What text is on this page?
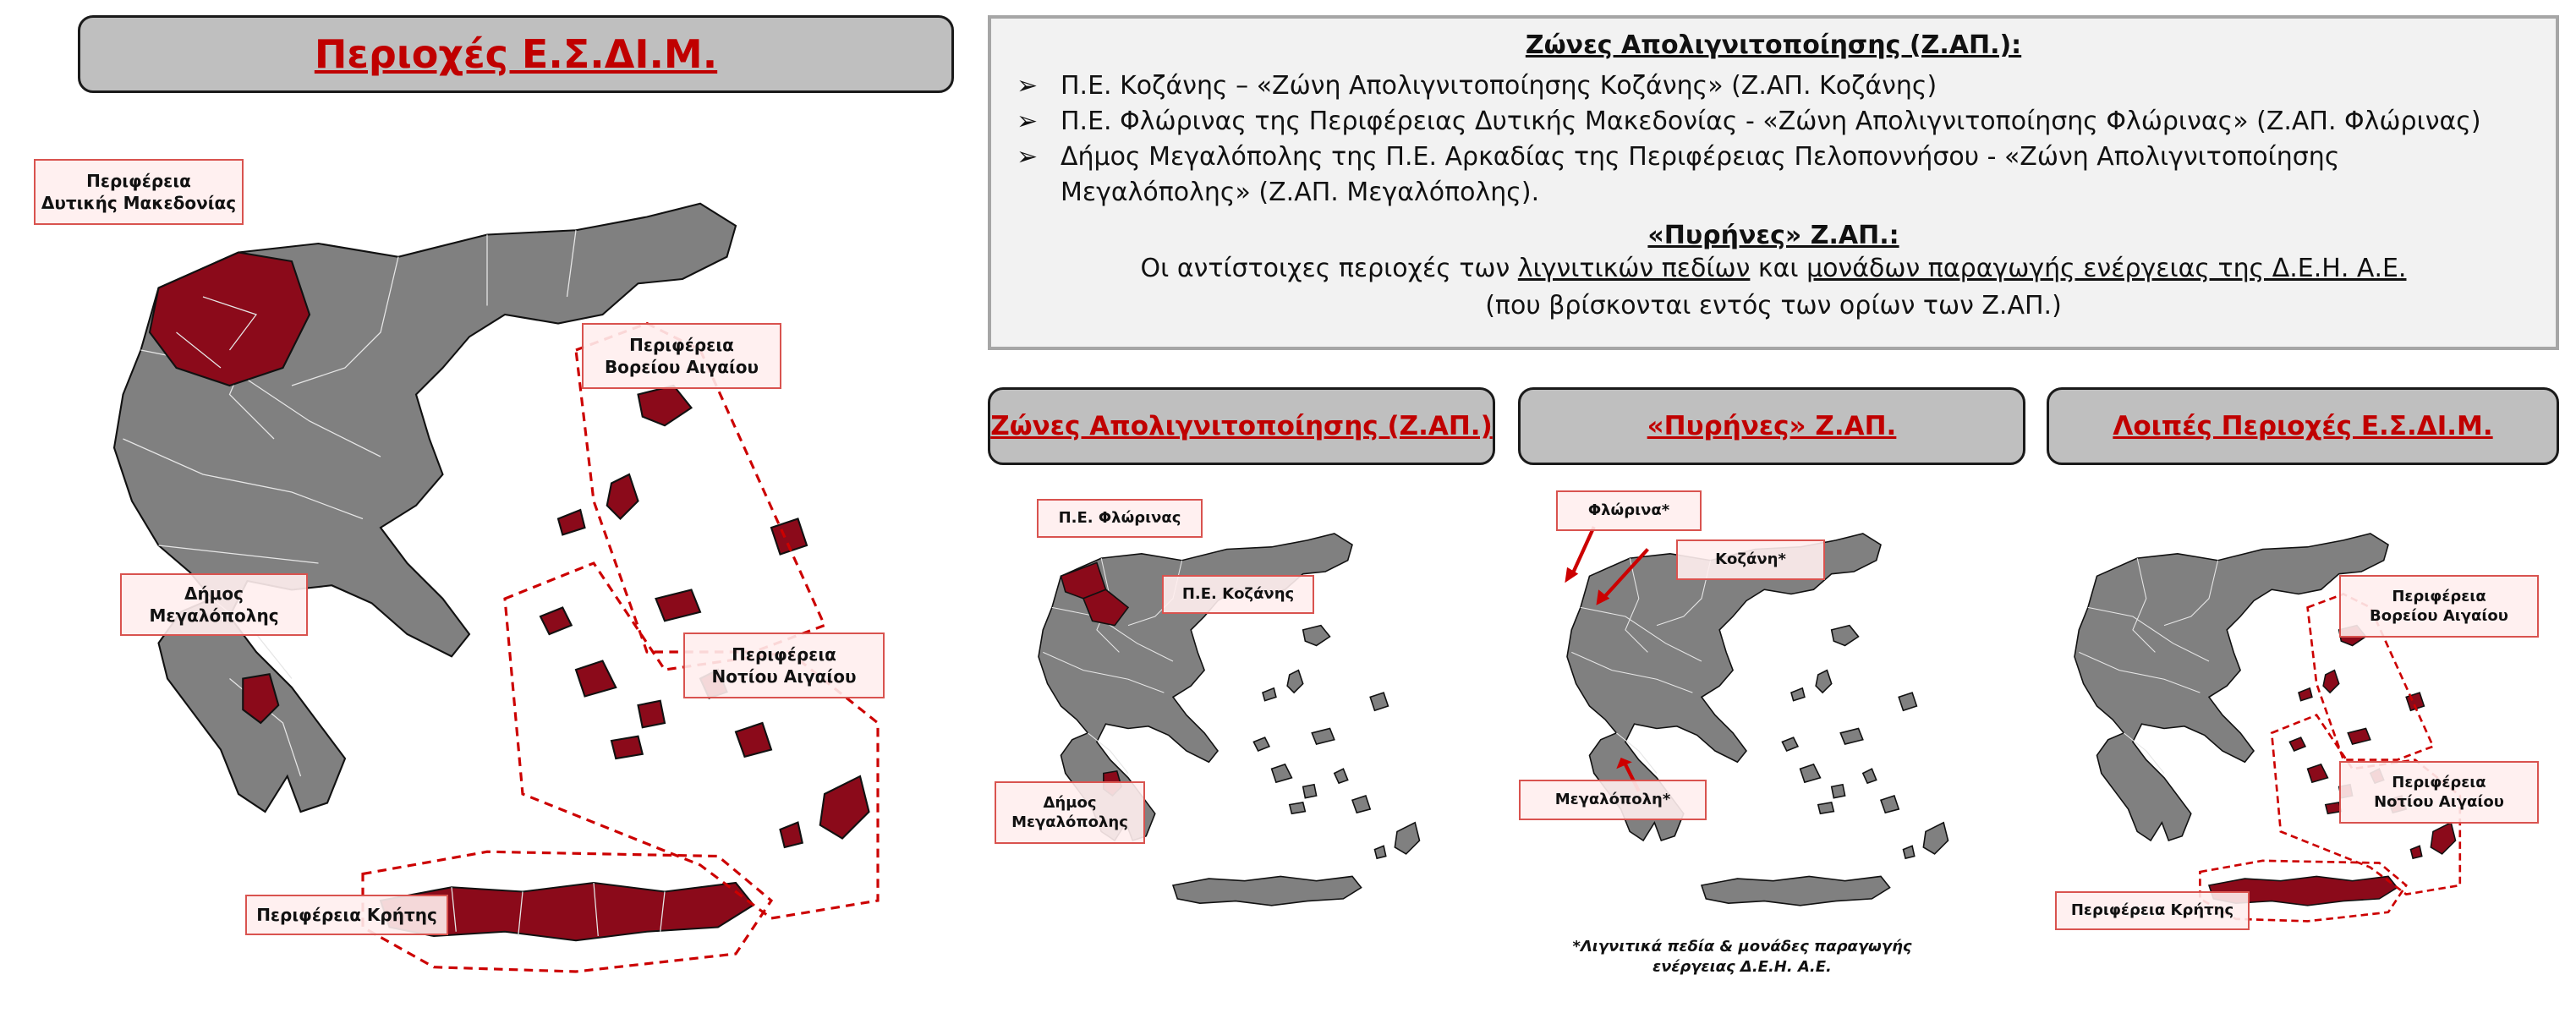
Περιοχές Ε.Σ.ΔΙ.Μ.
Ζώνες Απολιγνιτοποίησης (Ζ.ΑΠ.)	«Πυρήνες» Ζ.ΑΠ.	Λοιπές Περιοχές Ε.Σ.ΔΙ.Μ.
Ζώνες Απολιγνιτοποίησης (Ζ.ΑΠ.):
➢ Π.Ε. Κοζάνης – «Ζώνη Απολιγνιτοποίησης Κοζάνης» (Ζ.ΑΠ. Κοζάνης)
➢ Π.Ε. Φλώρινας της Περιφέρειας Δυτικής Μακεδονίας - «Ζώνη Απολιγνιτοποίησης Φλώρινας» (Ζ.ΑΠ. Φλώρινας)
➢ Δήμος Μεγαλόπολης της Π.Ε. Αρκαδίας της Περιφέρειας Πελοποννήσου - «Ζώνη Απολιγνιτοποίησης Μεγαλόπολης» (Ζ.ΑΠ. Μεγαλόπολης).
«Πυρήνες» Ζ.ΑΠ.:
Οι αντίστοιχες περιοχές των λιγνιτικών πεδίων και μονάδων παραγωγής ενέργειας της Δ.Ε.Η. Α.Ε.
(που βρίσκονται εντός των ορίων των Ζ.ΑΠ.)
Περιφέρεια
Δυτικής Μακεδονίας
Περιφέρεια
Βορείου Αιγαίου
Δήμος
Μεγαλόπολης
Περιφέρεια
Νοτίου Αιγαίου
Περιφέρεια Κρήτης
Π.Ε. Φλώρινας
Π.Ε. Κοζάνης
Δήμος
Μεγαλόπολης
Φλώρινα*
Κοζάνη*
Μεγαλόπολη*
*Λιγνιτικά πεδία & μονάδες παραγωγής
ενέργειας Δ.Ε.Η. Α.Ε.
Περιφέρεια
Βορείου Αιγαίου
Περιφέρεια
Νοτίου Αιγαίου
Περιφέρεια Κρήτης
